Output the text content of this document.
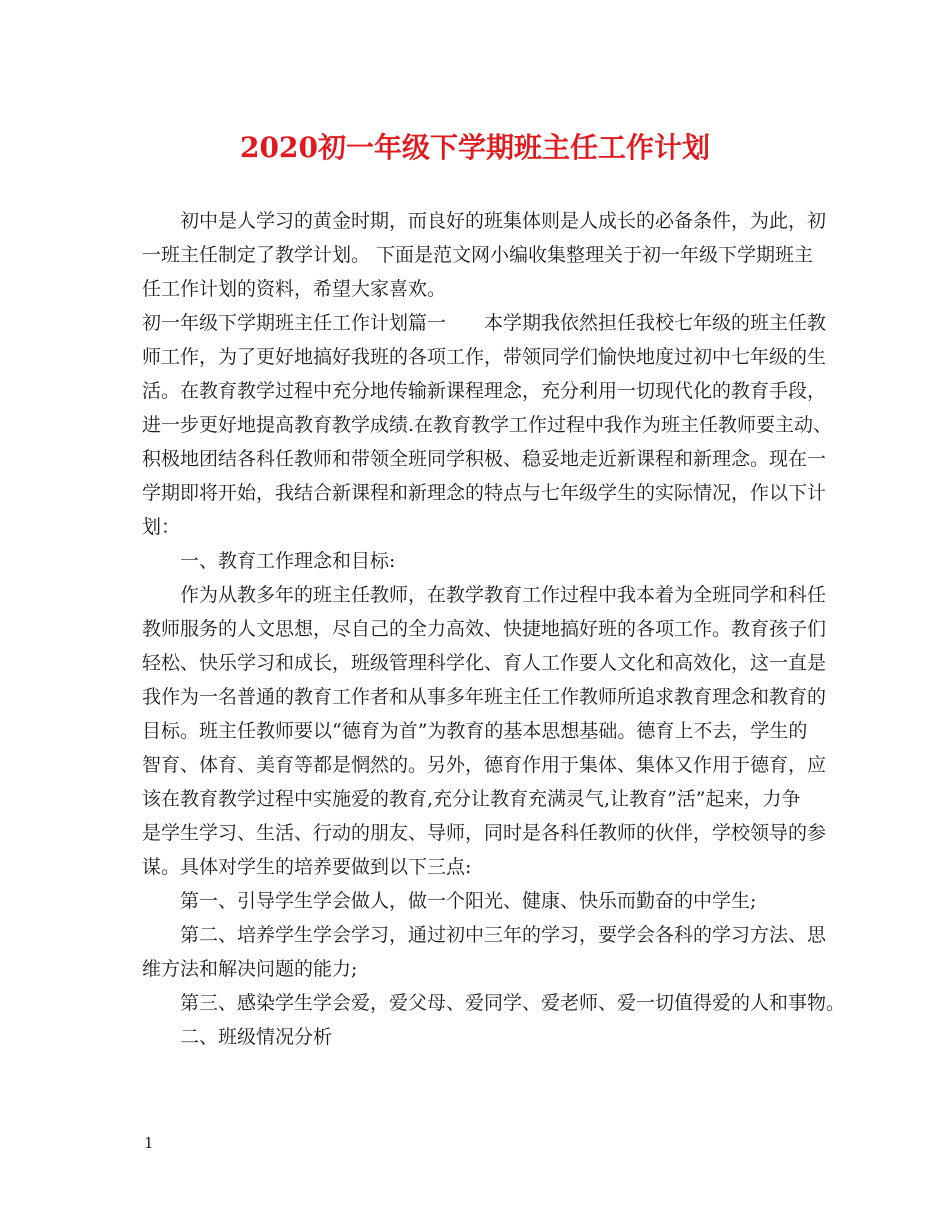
2020初一年级下学期班主任工作计划
初中是人学习的黄金时期，而良好的班集体则是人成长的必备条件，为此，初
一班主任制定了教学计划。 下面是范文网小编收集整理关于初一年级下学期班主
任工作计划的资料，希望大家喜欢。
初一年级下学期班主任工作计划篇一　　本学期我依然担任我校七年级的班主任教
师工作，为了更好地搞好我班的各项工作，带领同学们愉快地度过初中七年级的生
活。在教育教学过程中充分地传输新课程理念，充分利用一切现代化的教育手段，
进一步更好地提高教育教学成绩.在教育教学工作过程中我作为班主任教师要主动、
积极地团结各科任教师和带领全班同学积极、稳妥地走近新课程和新理念。现在一
学期即将开始，我结合新课程和新理念的特点与七年级学生的实际情况，作以下计
划：
一、教育工作理念和目标:
作为从教多年的班主任教师，在教学教育工作过程中我本着为全班同学和科任
教师服务的人文思想，尽自己的全力高效、快捷地搞好班的各项工作。教育孩子们
轻松、快乐学习和成长，班级管理科学化、育人工作要人文化和高效化，这一直是
我作为一名普通的教育工作者和从事多年班主任工作教师所追求教育理念和教育的
目标。班主任教师要以“德育为首”为教育的基本思想基础。德育上不去，学生的
智育、体育、美育等都是惘然的。另外，德育作用于集体、集体又作用于德育，应
该在教育教学过程中实施爱的教育,充分让教育充满灵气,让教育”活”起来，力争
是学生学习、生活、行动的朋友、导师，同时是各科任教师的伙伴，学校领导的参
谋。具体对学生的培养要做到以下三点:
第一、引导学生学会做人，做一个阳光、健康、快乐而勤奋的中学生;
第二、培养学生学会学习，通过初中三年的学习，要学会各科的学习方法、思
维方法和解决问题的能力;
第三、感染学生学会爱，爱父母、爱同学、爱老师、爱一切值得爱的人和事物。
二、班级情况分析
1
